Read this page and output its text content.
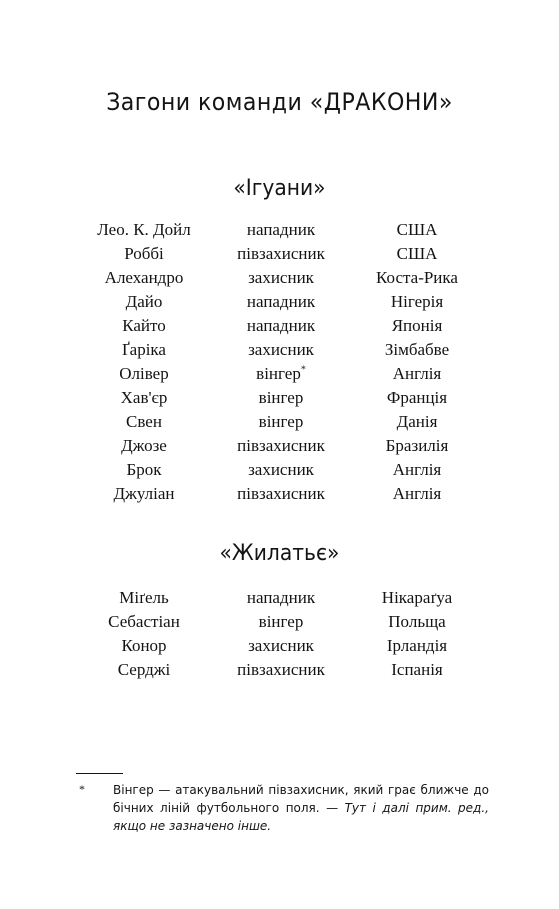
Загони команди «ДРАКОНИ»
«Ігуани»
Лео. К. Дойл	нападник	США
Роббі	півзахисник	США
Алехандро	захисник	Коста-Рика
Дайо	нападник	Нігерія
Кайто	нападник	Японія
Ґаріка	захисник	Зімбабве
Олівер	вінгер*	Англія
Хав'єр	вінгер	Франція
Свен	вінгер	Данія
Джозе	півзахисник	Бразилія
Брок	захисник	Англія
Джуліан	півзахисник	Англія
«Жилатьє»
Міґель	нападник	Нікараґуа
Себастіан	вінгер	Польща
Конор	захисник	Ірландія
Серджі	півзахисник	Іспанія
* Вінгер — атакувальний півзахисник, який грає ближче до бічних ліній футбольного поля. — Тут і далі прим. ред., якщо не зазначено інше.
